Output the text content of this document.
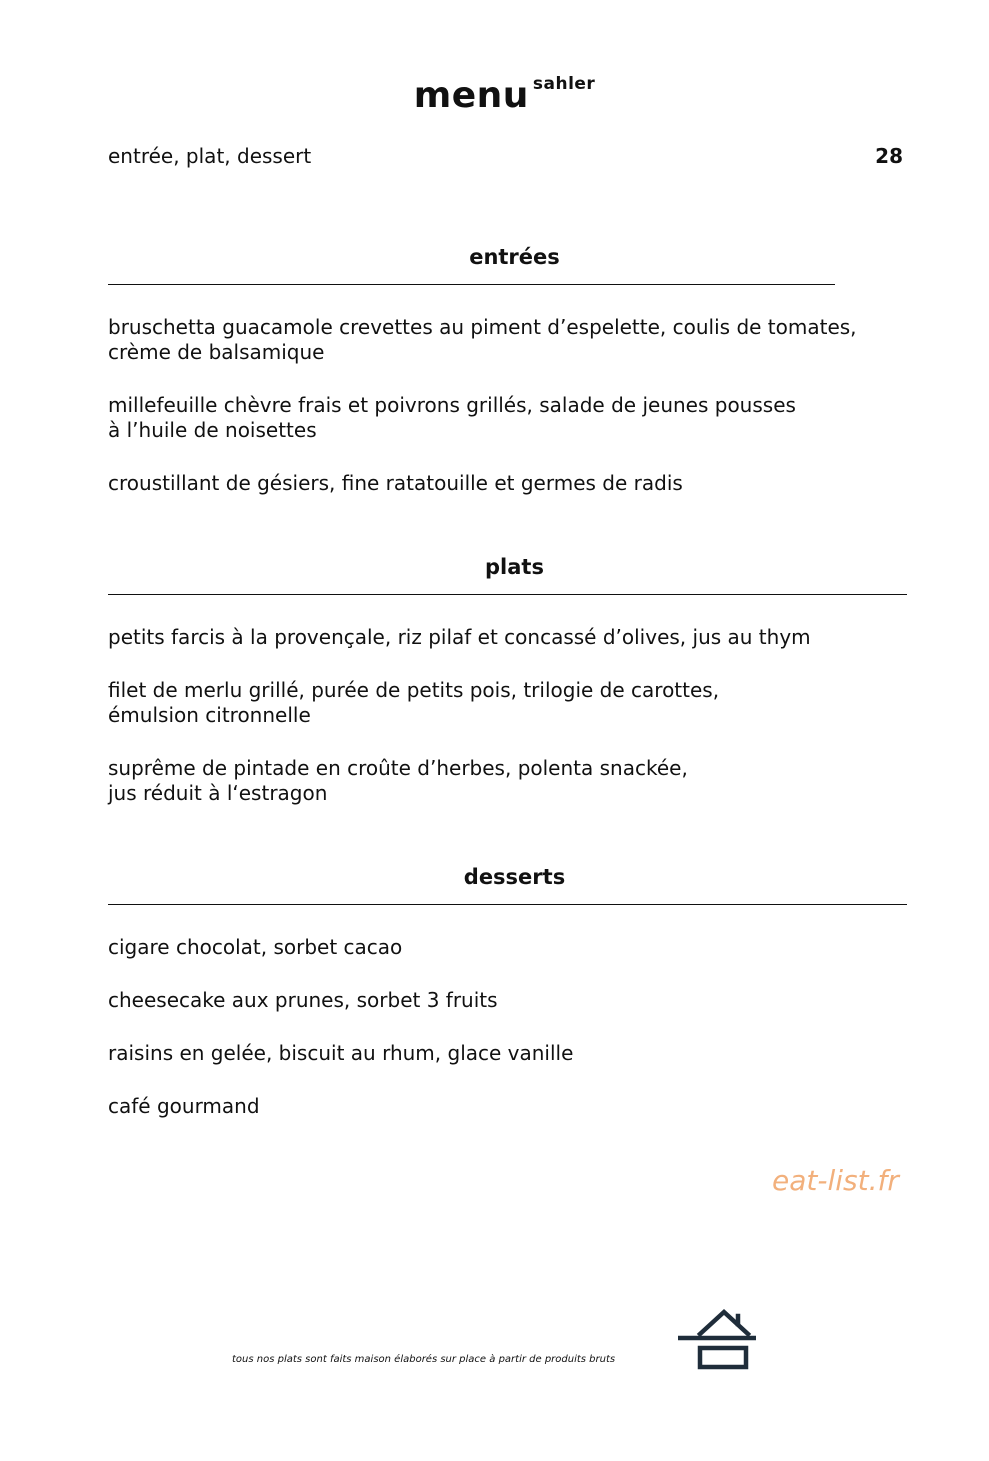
menu $^{sahler}$
entrée, plat, dessert	28
entrées
bruschetta guacamole crevettes au piment d’espelette, coulis de tomates,
crème de balsamique
millefeuille chèvre frais et poivrons grillés, salade de jeunes pousses
à l’huile de noisettes
croustillant de gésiers, fine ratatouille et germes de radis
plats
petits farcis à la provençale, riz pilaf et concassé d’olives, jus au thym
filet de merlu grillé, purée de petits pois, trilogie de carottes,
émulsion citronnelle
suprême de pintade en croûte d’herbes, polenta snackée,
jus réduit à l‘estragon
desserts
cigare chocolat, sorbet cacao
cheesecake aux prunes, sorbet 3 fruits
raisins en gelée, biscuit au rhum, glace vanille
café gourmand
eat-list.fr
tous nos plats sont faits maison élaborés sur place à partir de produits bruts
